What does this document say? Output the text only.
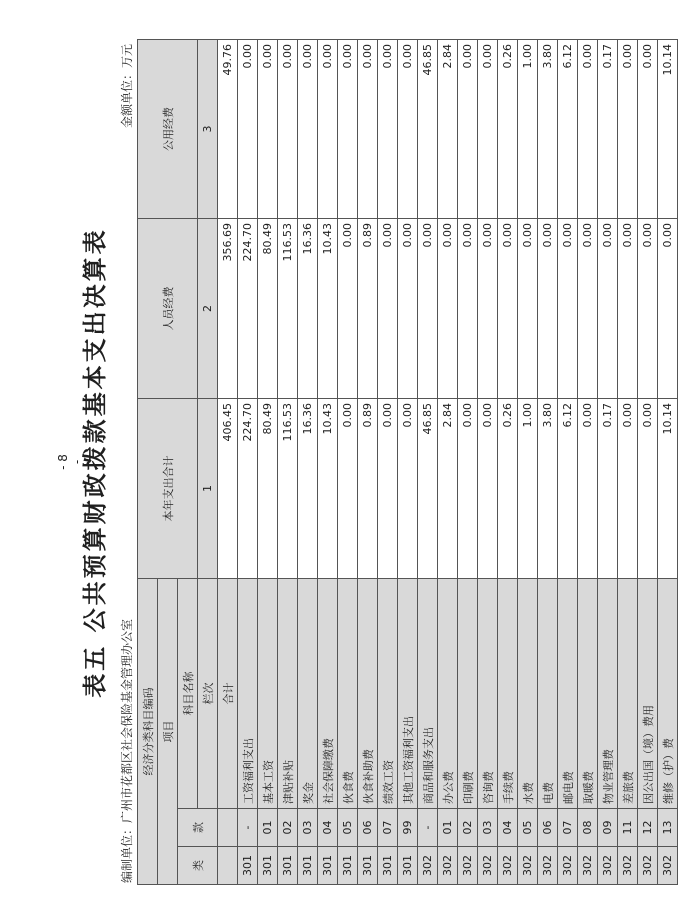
表五 公共预算财政拨款基本支出决算表
编制单位：广州市花都区社会保险基金管理办公室
金额单位：万元
经济分类科目编码			本年支出合计	人员经费	公用经费
项目					
类	款	科目名称			
		栏次	1	2	3
		合计	406.45	356.69	49.76
301	-	工资福利支出	224.70	224.70	0.00
301	01	基本工资	80.49	80.49	0.00
301	02	津贴补贴	116.53	116.53	0.00
301	03	奖金	16.36	16.36	0.00
301	04	社会保障缴费	10.43	10.43	0.00
301	05	伙食费	0.00	0.00	0.00
301	06	伙食补助费	0.89	0.89	0.00
301	07	绩效工资	0.00	0.00	0.00
301	99	其他工资福利支出	0.00	0.00	0.00
302	-	商品和服务支出	46.85	0.00	46.85
302	01	办公费	2.84	0.00	2.84
302	02	印刷费	0.00	0.00	0.00
302	03	咨询费	0.00	0.00	0.00
302	04	手续费	0.26	0.00	0.26
302	05	水费	1.00	0.00	1.00
302	06	电费	3.80	0.00	3.80
302	07	邮电费	6.12	0.00	6.12
302	08	取暖费	0.00	0.00	0.00
302	09	物业管理费	0.17	0.00	0.17
302	11	差旅费	0.00	0.00	0.00
302	12	因公出国（境）费用	0.00	0.00	0.00
302	13	维修（护）费	10.14	0.00	10.14
- 8 -
